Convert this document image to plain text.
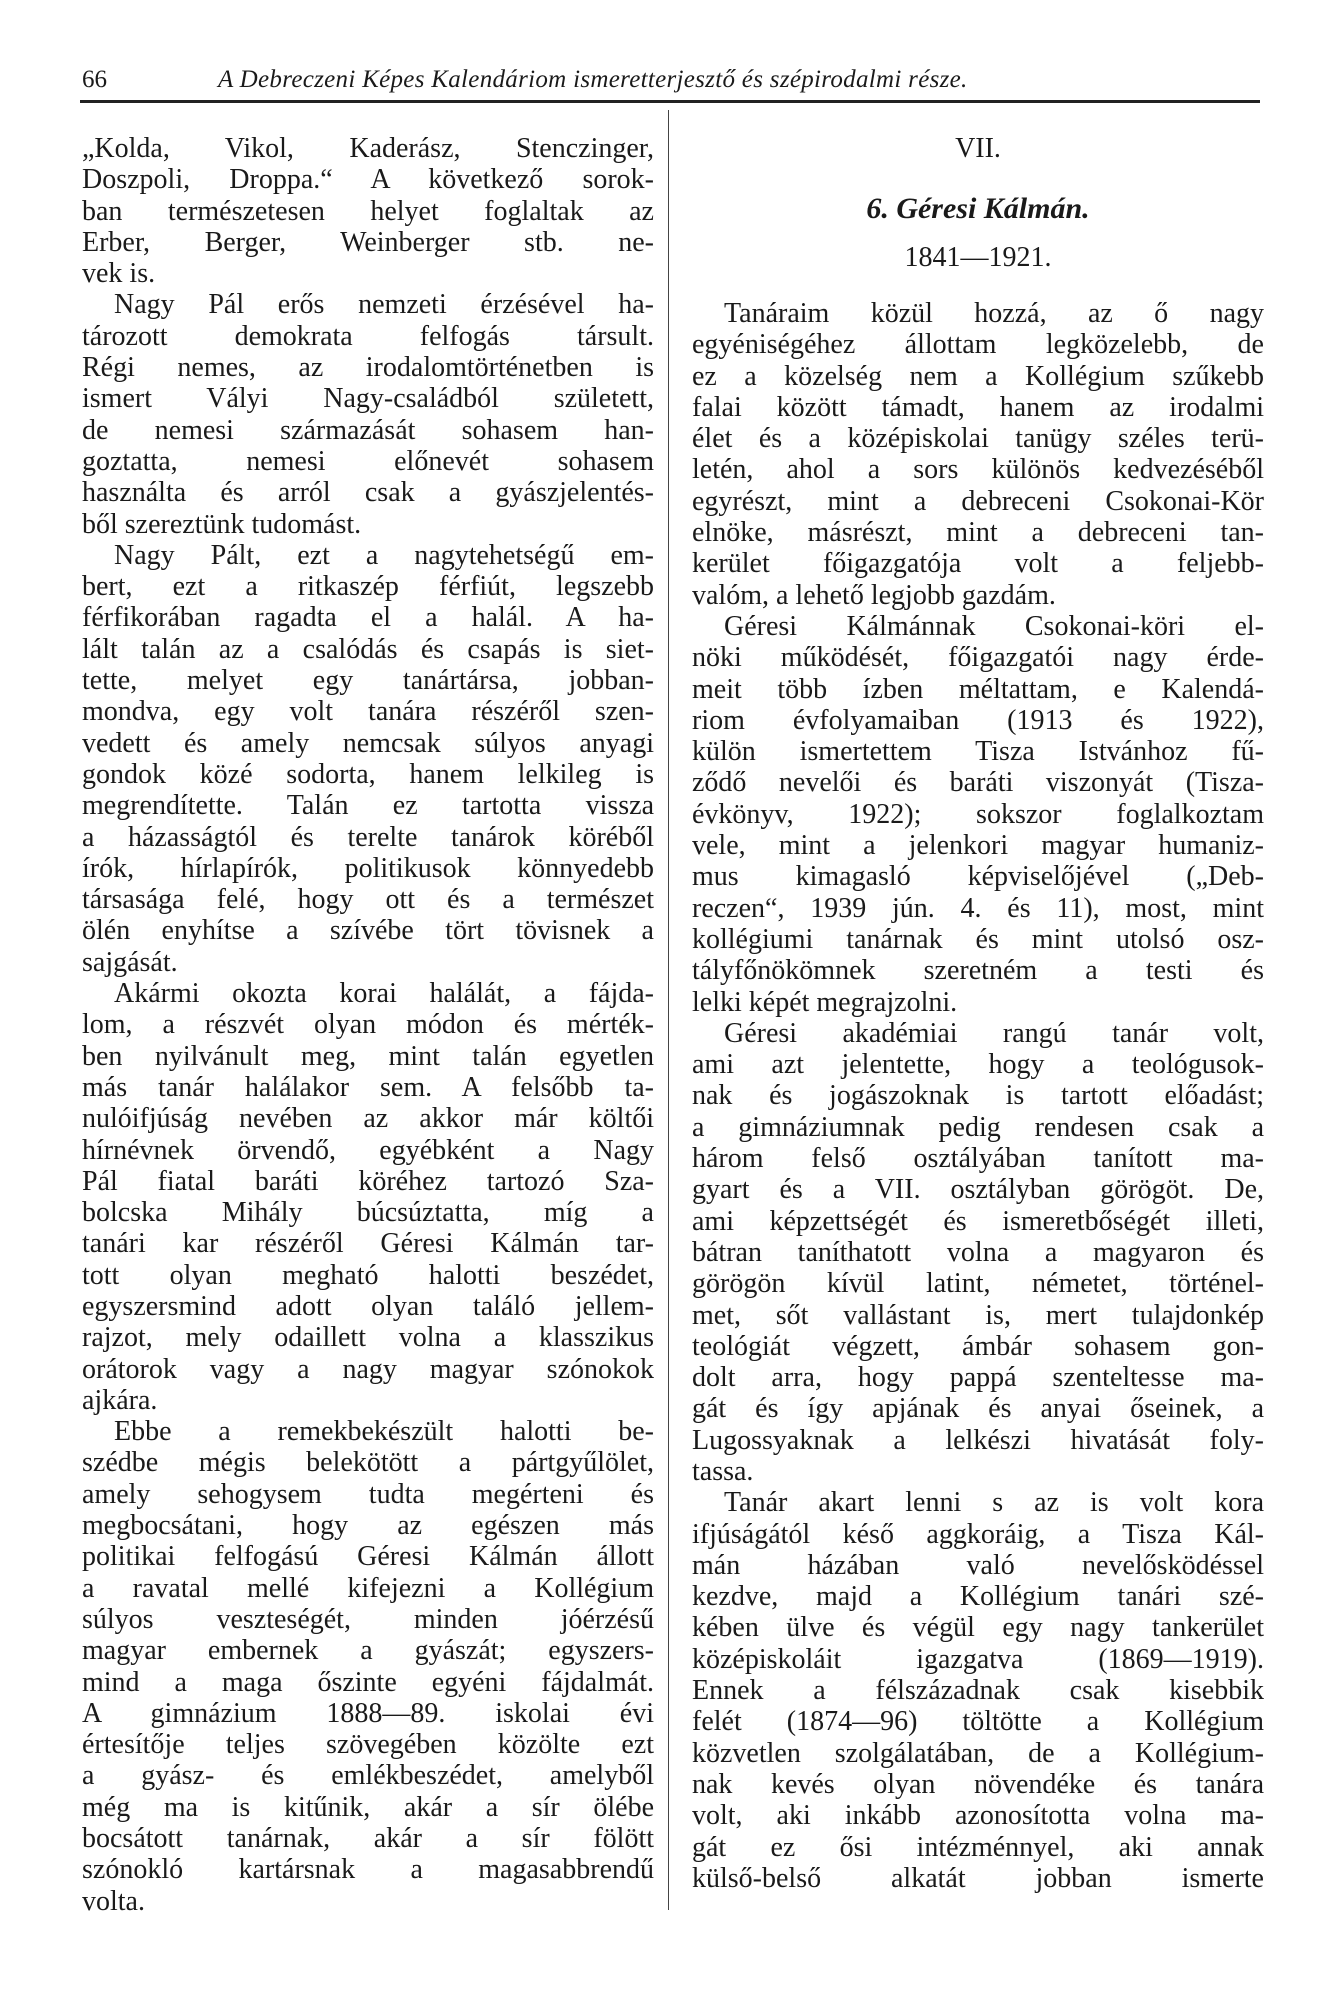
66	A Debreczeni Képes Kalendáriom ismeretterjesztő és szépirodalmi része.
VII.
6. Géresi Kálmán.
1841—1921.
„Kolda, Vikol, Kaderász, Stenczinger,
Doszpoli, Droppa.“ A következő sorok-
ban természetesen helyet foglaltak az
Erber, Berger, Weinberger stb. ne-
vek is.
Nagy Pál erős nemzeti érzésével ha-
tározott demokrata felfogás társult.
Régi nemes, az irodalomtörténetben is
ismert Vályi Nagy-családból született,
de nemesi származását sohasem han-
goztatta, nemesi előnevét sohasem
használta és arról csak a gyászjelentés-
ből szereztünk tudomást.
Nagy Pált, ezt a nagytehetségű em-
bert, ezt a ritkaszép férfiút, legszebb
férfikorában ragadta el a halál. A ha-
lált talán az a csalódás és csapás is siet-
tette, melyet egy tanártársa, jobban-
mondva, egy volt tanára részéről szen-
vedett és amely nemcsak súlyos anyagi
gondok közé sodorta, hanem lelkileg is
megrendítette. Talán ez tartotta vissza
a házasságtól és terelte tanárok köréből
írók, hírlapírók, politikusok könnyedebb
társasága felé, hogy ott és a természet
ölén enyhítse a szívébe tört tövisnek a
sajgását.
Akármi okozta korai halálát, a fájda-
lom, a részvét olyan módon és mérték-
ben nyilvánult meg, mint talán egyetlen
más tanár halálakor sem. A felsőbb ta-
nulóifjúság nevében az akkor már költői
hírnévnek örvendő, egyébként a Nagy
Pál fiatal baráti köréhez tartozó Sza-
bolcska Mihály búcsúztatta, míg a
tanári kar részéről Géresi Kálmán tar-
tott olyan megható halotti beszédet,
egyszersmind adott olyan találó jellem-
rajzot, mely odaillett volna a klasszikus
orátorok vagy a nagy magyar szónokok
ajkára.
Ebbe a remekbekészült halotti be-
szédbe mégis belekötött a pártgyűlölet,
amely sehogysem tudta megérteni és
megbocsátani, hogy az egészen más
politikai felfogású Géresi Kálmán állott
a ravatal mellé kifejezni a Kollégium
súlyos veszteségét, minden jóérzésű
magyar embernek a gyászát; egyszers-
mind a maga őszinte egyéni fájdalmát.
A gimnázium 1888—89. iskolai évi
értesítője teljes szövegében közölte ezt
a gyász- és emlékbeszédet, amelyből
még ma is kitűnik, akár a sír ölébe
bocsátott tanárnak, akár a sír fölött
szónokló kartársnak a magasabbrendű
volta.
Tanáraim közül hozzá, az ő nagy
egyéniségéhez állottam legközelebb, de
ez a közelség nem a Kollégium szűkebb
falai között támadt, hanem az irodalmi
élet és a középiskolai tanügy széles terü-
letén, ahol a sors különös kedvezéséből
egyrészt, mint a debreceni Csokonai-Kör
elnöke, másrészt, mint a debreceni tan-
kerület főigazgatója volt a feljebb-
valóm, a lehető legjobb gazdám.
Géresi Kálmánnak Csokonai-köri el-
nöki működését, főigazgatói nagy érde-
meit több ízben méltattam, e Kalendá-
riom évfolyamaiban (1913 és 1922),
külön ismertettem Tisza Istvánhoz fű-
ződő nevelői és baráti viszonyát (Tisza-
évkönyv, 1922); sokszor foglalkoztam
vele, mint a jelenkori magyar humaniz-
mus kimagasló képviselőjével („Deb-
reczen“, 1939 jún. 4. és 11), most, mint
kollégiumi tanárnak és mint utolsó osz-
tályfőnökömnek szeretném a testi és
lelki képét megrajzolni.
Géresi akadémiai rangú tanár volt,
ami azt jelentette, hogy a teológusok-
nak és jogászoknak is tartott előadást;
a gimnáziumnak pedig rendesen csak a
három felső osztályában tanított ma-
gyart és a VII. osztályban görögöt. De,
ami képzettségét és ismeretbőségét illeti,
bátran taníthatott volna a magyaron és
görögön kívül latint, németet, történel-
met, sőt vallástant is, mert tulajdonkép
teológiát végzett, ámbár sohasem gon-
dolt arra, hogy pappá szenteltesse ma-
gát és így apjának és anyai őseinek, a
Lugossyaknak a lelkészi hivatását foly-
tassa.
Tanár akart lenni s az is volt kora
ifjúságától késő aggkoráig, a Tisza Kál-
mán házában való nevelősködéssel
kezdve, majd a Kollégium tanári szé-
kében ülve és végül egy nagy tankerület
középiskoláit igazgatva (1869—1919).
Ennek a félszázadnak csak kisebbik
felét (1874—96) töltötte a Kollégium
közvetlen szolgálatában, de a Kollégium-
nak kevés olyan növendéke és tanára
volt, aki inkább azonosította volna ma-
gát ez ősi intézménnyel, aki annak
külső-belső alkatát jobban ismerte
